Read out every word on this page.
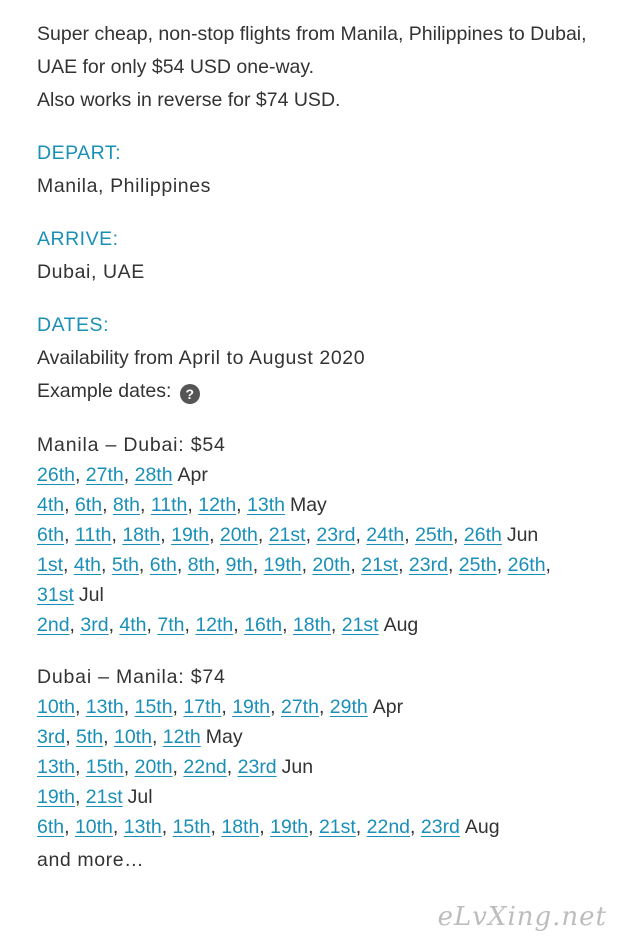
Super cheap, non-stop flights from Manila, Philippines to Dubai, UAE for only $54 USD one-way.

Also works in reverse for $74 USD.

DEPART:
Manila, Philippines
ARRIVE:
Dubai, UAE
DATES:
Availability from April to August 2020
Example dates: ?
Manila – Dubai: $54
26th, 27th, 28th Apr
4th, 6th, 8th, 11th, 12th, 13th May
6th, 11th, 18th, 19th, 20th, 21st, 23rd, 24th, 25th, 26th Jun
1st, 4th, 5th, 6th, 8th, 9th, 19th, 20th, 21st, 23rd, 25th, 26th, 31st Jul
2nd, 3rd, 4th, 7th, 12th, 16th, 18th, 21st Aug
Dubai – Manila: $74
10th, 13th, 15th, 17th, 19th, 27th, 29th Apr
3rd, 5th, 10th, 12th May
13th, 15th, 20th, 22nd, 23rd Jun
19th, 21st Jul
6th, 10th, 13th, 15th, 18th, 19th, 21st, 22nd, 23rd Aug
and more…
eLvXing.net
